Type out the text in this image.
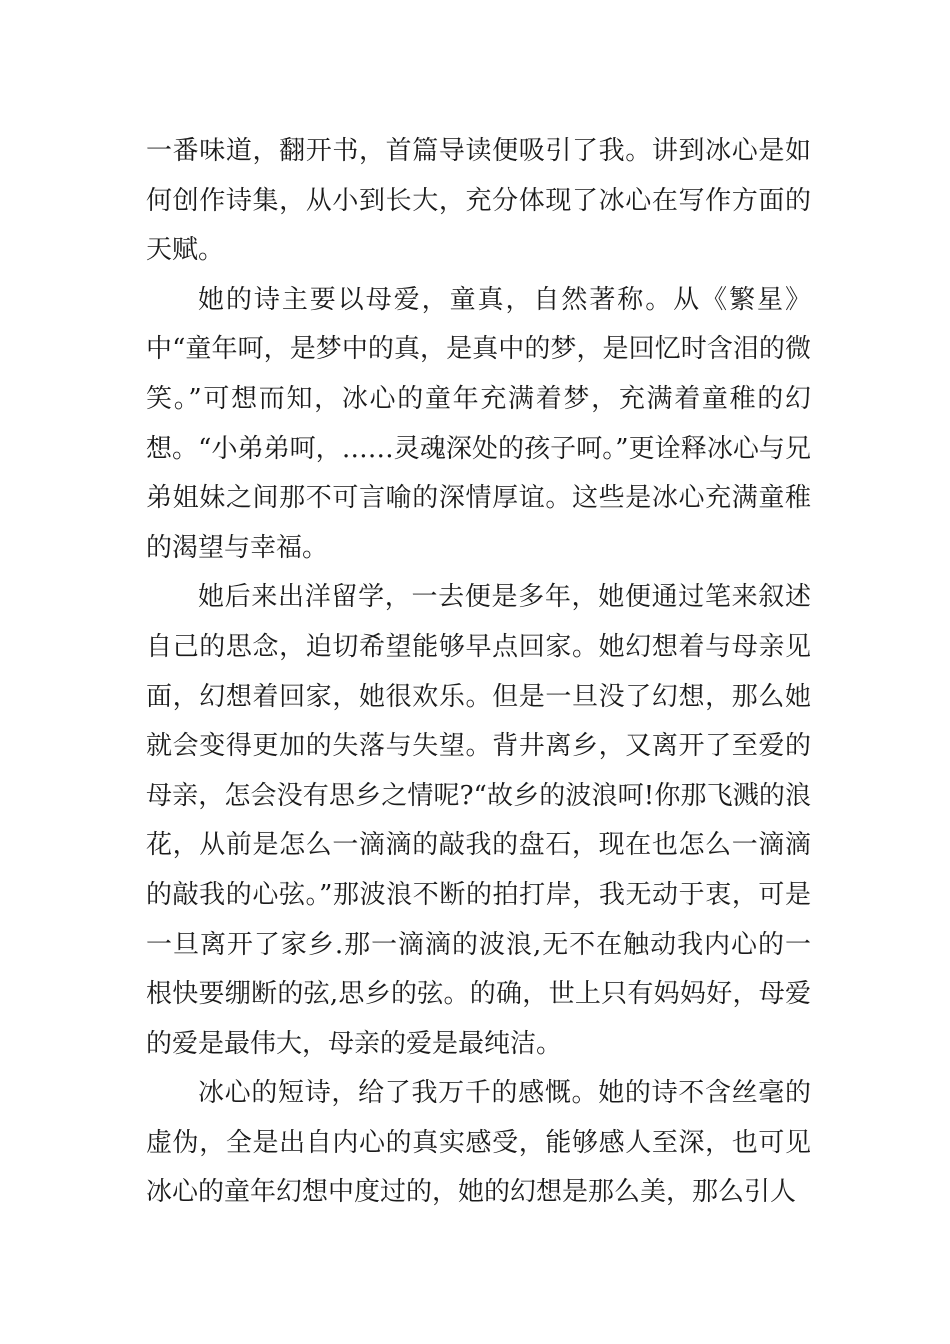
一番味道，翻开书，首篇导读便吸引了我。讲到冰心是如何创作诗集，从小到长大，充分体现了冰心在写作方面的天赋。

她的诗主要以母爱，童真，自然著称。从《繁星》中“童年呵，是梦中的真，是真中的梦，是回忆时含泪的微笑。”可想而知，冰心的童年充满着梦，充满着童稚的幻想。“小弟弟呵，……灵魂深处的孩子呵。”更诠释冰心与兄弟姐妹之间那不可言喻的深情厚谊。这些是冰心充满童稚的渴望与幸福。

她后来出洋留学，一去便是多年，她便通过笔来叙述自己的思念，迫切希望能够早点回家。她幻想着与母亲见面，幻想着回家，她很欢乐。但是一旦没了幻想，那么她就会变得更加的失落与失望。背井离乡，又离开了至爱的母亲，怎会没有思乡之情呢?“故乡的波浪呵!你那飞溅的浪花，从前是怎么一滴滴的敲我的盘石，现在也怎么一滴滴的敲我的心弦。”那波浪不断的拍打岸，我无动于衷，可是一旦离开了家乡.那一滴滴的波浪,无不在触动我内心的一根快要绷断的弦,思乡的弦。的确，世上只有妈妈好，母爱的爱是最伟大，母亲的爱是最纯洁。

冰心的短诗，给了我万千的感慨。她的诗不含丝毫的虚伪，全是出自内心的真实感受，能够感人至深，也可见冰心的童年幻想中度过的，她的幻想是那么美，那么引人
